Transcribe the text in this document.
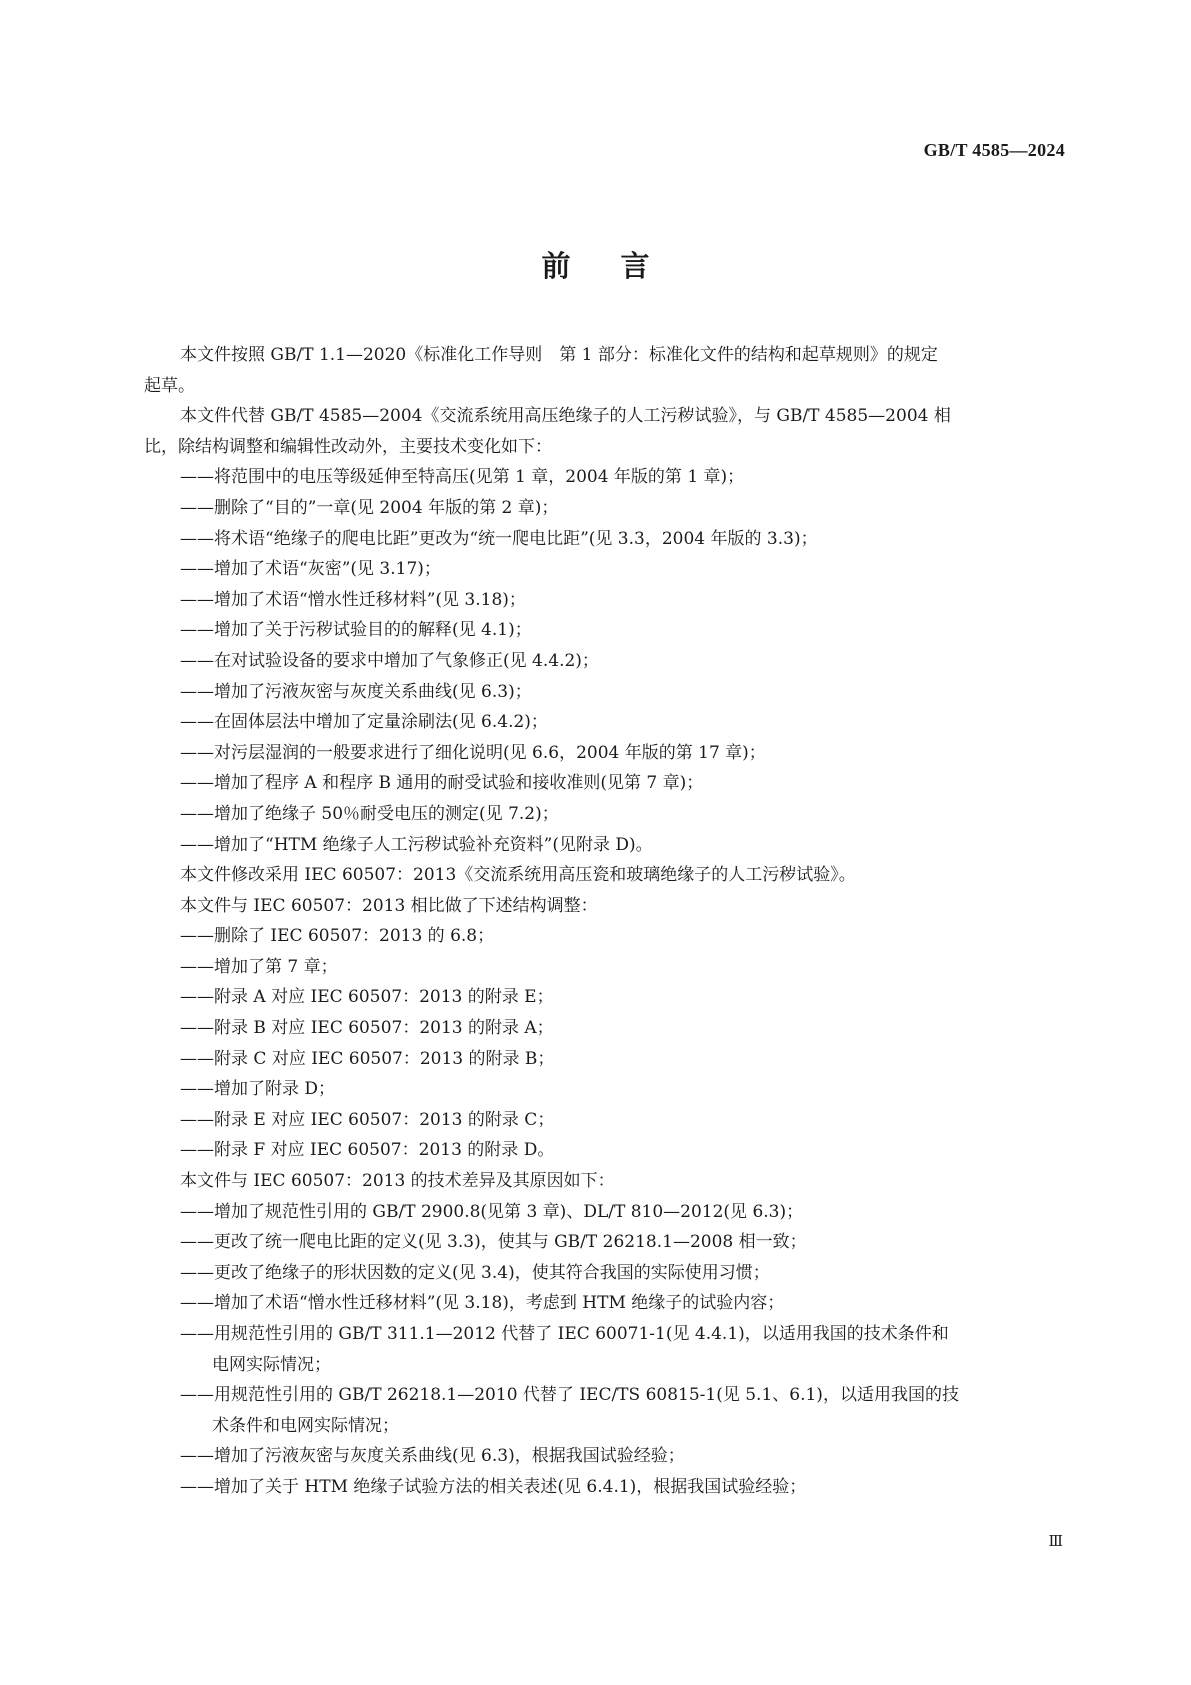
GB/T 4585—2024
前言
本文件按照 GB/T 1.1—2020《标准化工作导则　第 1 部分：标准化文件的结构和起草规则》的规定
起草。
本文件代替 GB/T 4585—2004《交流系统用高压绝缘子的人工污秽试验》，与 GB/T 4585—2004 相
比，除结构调整和编辑性改动外，主要技术变化如下：
——将范围中的电压等级延伸至特高压(见第 1 章，2004 年版的第 1 章)；
——删除了“目的”一章(见 2004 年版的第 2 章)；
——将术语“绝缘子的爬电比距”更改为“统一爬电比距”(见 3.3，2004 年版的 3.3)；
——增加了术语“灰密”(见 3.17)；
——增加了术语“憎水性迁移材料”(见 3.18)；
——增加了关于污秽试验目的的解释(见 4.1)；
——在对试验设备的要求中增加了气象修正(见 4.4.2)；
——增加了污液灰密与灰度关系曲线(见 6.3)；
——在固体层法中增加了定量涂刷法(见 6.4.2)；
——对污层湿润的一般要求进行了细化说明(见 6.6，2004 年版的第 17 章)；
——增加了程序 A 和程序 B 通用的耐受试验和接收准则(见第 7 章)；
——增加了绝缘子 50％耐受电压的测定(见 7.2)；
——增加了“HTM 绝缘子人工污秽试验补充资料”(见附录 D)。
本文件修改采用 IEC 60507：2013《交流系统用高压瓷和玻璃绝缘子的人工污秽试验》。
本文件与 IEC 60507：2013 相比做了下述结构调整：
——删除了 IEC 60507：2013 的 6.8；
——增加了第 7 章；
——附录 A 对应 IEC 60507：2013 的附录 E；
——附录 B 对应 IEC 60507：2013 的附录 A；
——附录 C 对应 IEC 60507：2013 的附录 B；
——增加了附录 D；
——附录 E 对应 IEC 60507：2013 的附录 C；
——附录 F 对应 IEC 60507：2013 的附录 D。
本文件与 IEC 60507：2013 的技术差异及其原因如下：
——增加了规范性引用的 GB/T 2900.8(见第 3 章)、DL/T 810—2012(见 6.3)；
——更改了统一爬电比距的定义(见 3.3)，使其与 GB/T 26218.1—2008 相一致；
——更改了绝缘子的形状因数的定义(见 3.4)，使其符合我国的实际使用习惯；
——增加了术语“憎水性迁移材料”(见 3.18)，考虑到 HTM 绝缘子的试验内容；
——用规范性引用的 GB/T 311.1—2012 代替了 IEC 60071-1(见 4.4.1)，以适用我国的技术条件和
电网实际情况；
——用规范性引用的 GB/T 26218.1—2010 代替了 IEC/TS 60815-1(见 5.1、6.1)，以适用我国的技
术条件和电网实际情况；
——增加了污液灰密与灰度关系曲线(见 6.3)，根据我国试验经验；
——增加了关于 HTM 绝缘子试验方法的相关表述(见 6.4.1)，根据我国试验经验；
Ⅲ
